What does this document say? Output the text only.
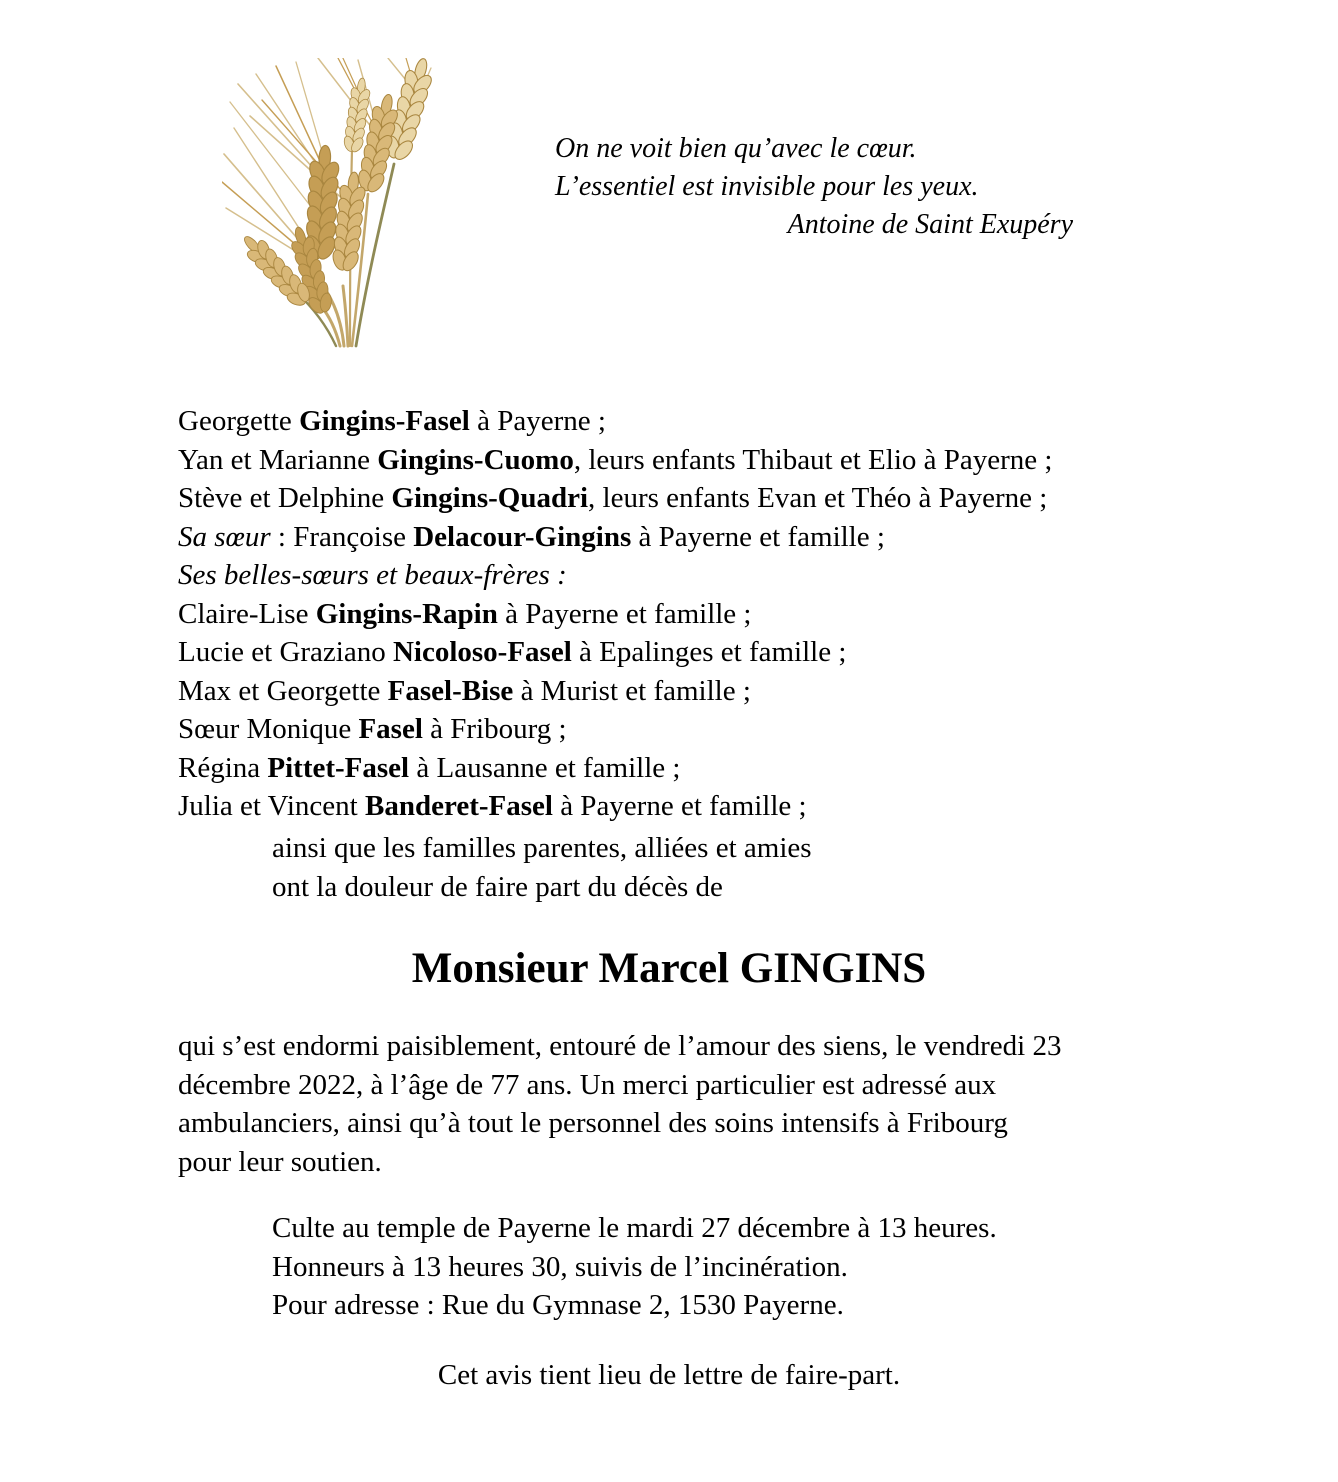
On ne voit bien qu’avec le cœur.
L’essentiel est invisible pour les yeux.
Antoine de Saint Exupéry
Georgette Gingins-Fasel à Payerne ;
Yan et Marianne Gingins-Cuomo, leurs enfants Thibaut et Elio à Payerne ;
Stève et Delphine Gingins-Quadri, leurs enfants Evan et Théo à Payerne ;
Sa sœur : Françoise Delacour-Gingins à Payerne et famille ;
Ses belles-sœurs et beaux-frères :
Claire-Lise Gingins-Rapin à Payerne et famille ;
Lucie et Graziano Nicoloso-Fasel à Epalinges et famille ;
Max et Georgette Fasel-Bise à Murist et famille ;
Sœur Monique Fasel à Fribourg ;
Régina Pittet-Fasel à Lausanne et famille ;
Julia et Vincent Banderet-Fasel à Payerne et famille ;
ainsi que les familles parentes, alliées et amies
ont la douleur de faire part du décès de
Monsieur Marcel GINGINS
qui s’est endormi paisiblement, entouré de l’amour des siens, le vendredi 23
décembre 2022, à l’âge de 77 ans. Un merci particulier est adressé aux
ambulanciers, ainsi qu’à tout le personnel des soins intensifs à Fribourg
pour leur soutien.
Culte au temple de Payerne le mardi 27 décembre à 13 heures.
Honneurs à 13 heures 30, suivis de l’incinération.
Pour adresse : Rue du Gymnase 2, 1530 Payerne.
Cet avis tient lieu de lettre de faire-part.
